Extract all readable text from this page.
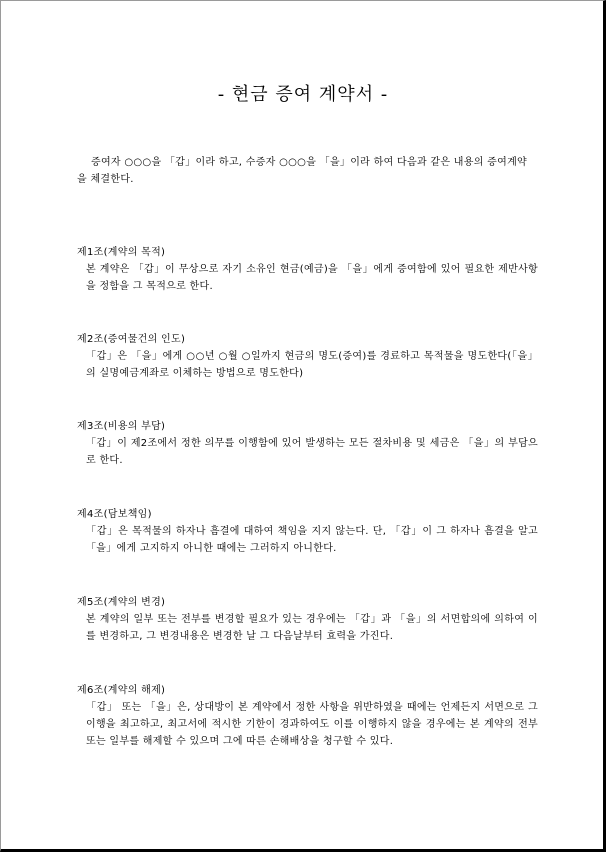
- 현금 증여 계약서 -
증여자 ○○○을 「갑」이라 하고, 수증자 ○○○을 「을」이라 하여 다음과 같은 내용의 증여계약을 체결한다.
제1조(계약의 목적)
본 계약은 「갑」이 무상으로 자기 소유인 현금(예금)을 「을」에게 증여함에 있어 필요한 제반사항을 정함을 그 목적으로 한다.
제2조(증여물건의 인도)
「갑」은 「을」에게 ○○년 ○월 ○일까지 현금의 명도(증여)를 경료하고 목적물을 명도한다(「을」의 실명예금계좌로 이체하는 방법으로 명도한다)
제3조(비용의 부담)
「갑」이 제2조에서 정한 의무를 이행함에 있어 발생하는 모든 절차비용 및 세금은 「을」의 부담으로 한다.
제4조(담보책임)
「갑」은 목적물의 하자나 흠결에 대하여 책임을 지지 않는다. 단, 「갑」이 그 하자나 흠결을 알고 「을」에게 고지하지 아니한 때에는 그러하지 아니한다.
제5조(계약의 변경)
본 계약의 일부 또는 전부를 변경할 필요가 있는 경우에는 「갑」과 「을」의 서면합의에 의하여 이를 변경하고, 그 변경내용은 변경한 날 그 다음날부터 효력을 가진다.
제6조(계약의 해제)
「갑」 또는 「을」은, 상대방이 본 계약에서 정한 사항을 위반하였을 때에는 언제든지 서면으로 그 이행을 최고하고, 최고서에 적시한 기한이 경과하여도 이를 이행하지 않을 경우에는 본 계약의 전부 또는 일부를 해제할 수 있으며 그에 따른 손해배상을 청구할 수 있다.
